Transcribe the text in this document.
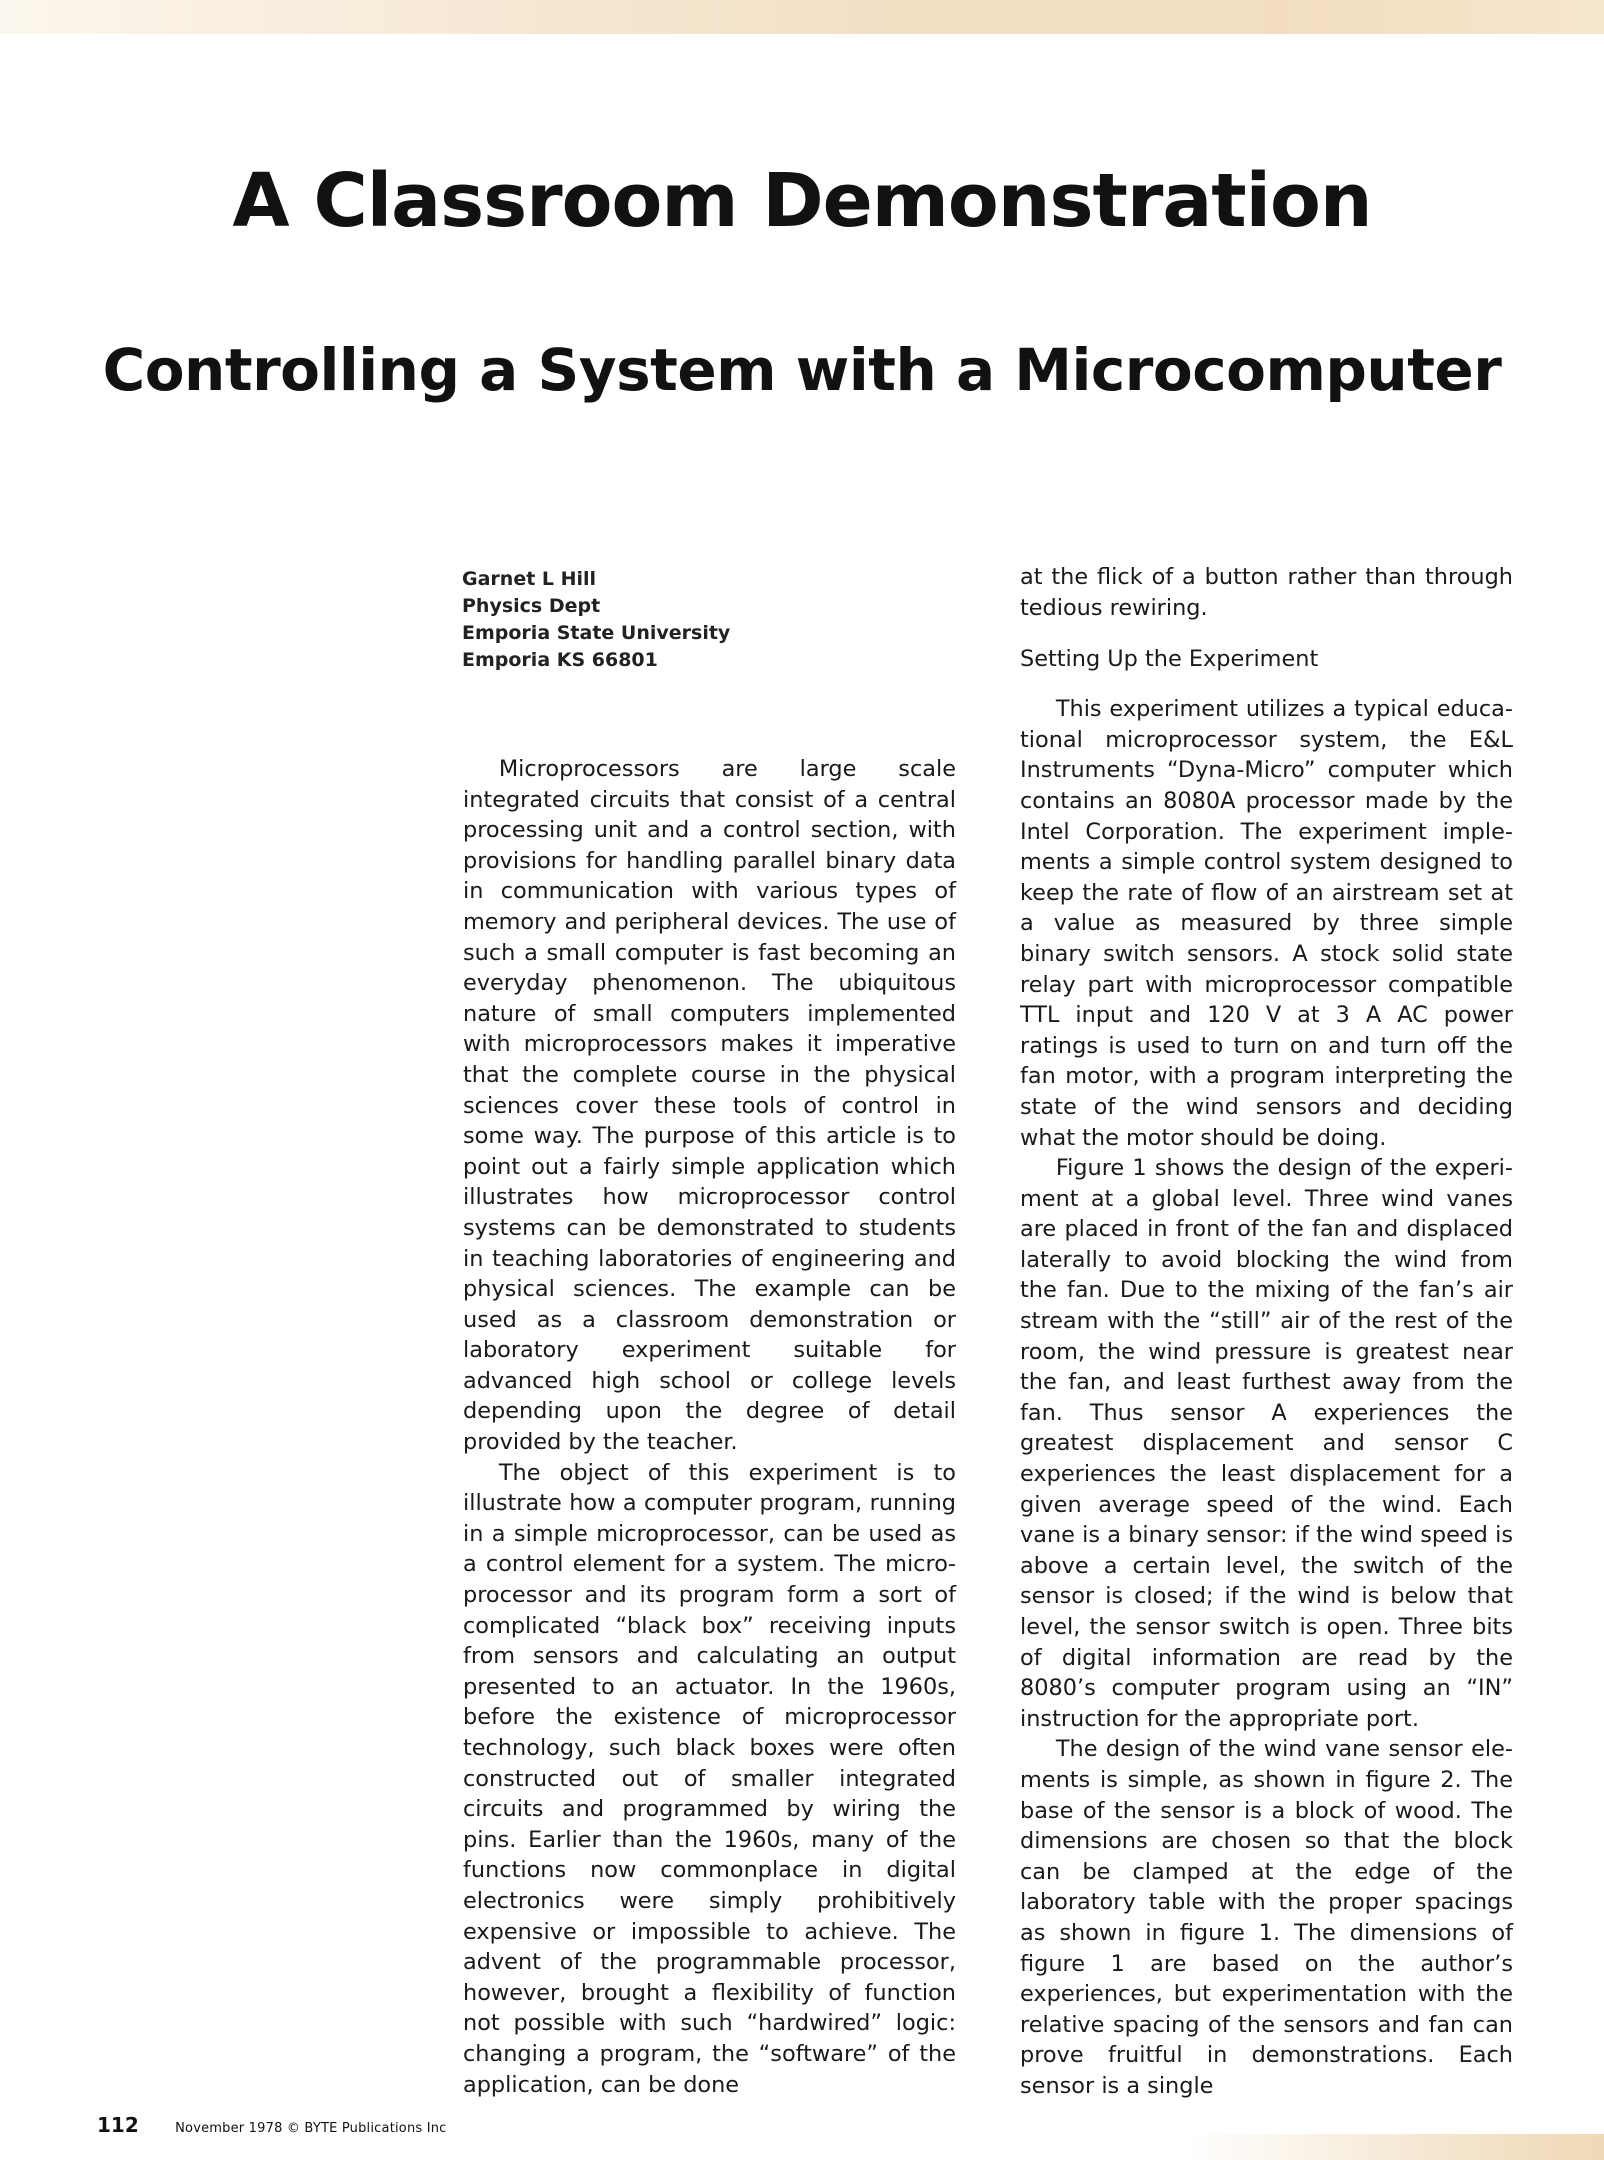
A Classroom Demonstration
Controlling a System with a Microcomputer
Garnet L Hill
Physics Dept
Emporia State University
Emporia KS 66801

Microprocessors are large scale integrated circuits that consist of a central processing unit and a control section, with provisions for handling parallel binary data in communication with various types of memory and peripheral devices. The use of such a small computer is fast becoming an everyday phenomenon. The ubiquitous nature of small computers implemented with microprocessors makes it imperative that the complete course in the physical sciences cover these tools of control in some way. The purpose of this article is to point out a fairly simple application which illustrates how microprocessor control systems can be demonstrated to students in teaching laboratories of engineering and physical sciences. The example can be used as a classroom demonstration or laboratory experiment suitable for advanced high school or college levels depending upon the degree of detail provided by the teacher.

The object of this experiment is to illustrate how a computer program, running in a simple microprocessor, can be used as a control element for a system. The microprocessor and its program form a sort of complicated “black box” receiving inputs from sensors and calculating an output presented to an actuator. In the 1960s, before the existence of microprocessor technology, such black boxes were often constructed out of smaller integrated circuits and programmed by wiring the pins. Earlier than the 1960s, many of the functions now commonplace in digital electronics were simply prohibitively expensive or impossible to achieve. The advent of the programmable processor, however, brought a flexibility of function not possible with such “hardwired” logic: changing a program, the “software” of the application, can be done

at the flick of a button rather than through tedious rewiring.

Setting Up the Experiment

This experiment utilizes a typical educational microprocessor system, the E&L Instruments “Dyna-Micro” computer which contains an 8080A processor made by the Intel Corporation. The experiment implements a simple control system designed to keep the rate of flow of an airstream set at a value as measured by three simple binary switch sensors. A stock solid state relay part with microprocessor compatible TTL input and 120 V at 3 A AC power ratings is used to turn on and turn off the fan motor, with a program interpreting the state of the wind sensors and deciding what the motor should be doing.

Figure 1 shows the design of the experiment at a global level. Three wind vanes are placed in front of the fan and displaced laterally to avoid blocking the wind from the fan. Due to the mixing of the fan’s air stream with the “still” air of the rest of the room, the wind pressure is greatest near the fan, and least furthest away from the fan. Thus sensor A experiences the greatest displacement and sensor C experiences the least displacement for a given average speed of the wind. Each vane is a binary sensor: if the wind speed is above a certain level, the switch of the sensor is closed; if the wind is below that level, the sensor switch is open. Three bits of digital information are read by the 8080’s computer program using an “IN” instruction for the appropriate port.

The design of the wind vane sensor elements is simple, as shown in figure 2. The base of the sensor is a block of wood. The dimensions are chosen so that the block can be clamped at the edge of the laboratory table with the proper spacings as shown in figure 1. The dimensions of figure 1 are based on the author’s experiences, but experimentation with the relative spacing of the sensors and fan can prove fruitful in demonstrations. Each sensor is a single

112	November 1978 © BYTE Publications Inc
